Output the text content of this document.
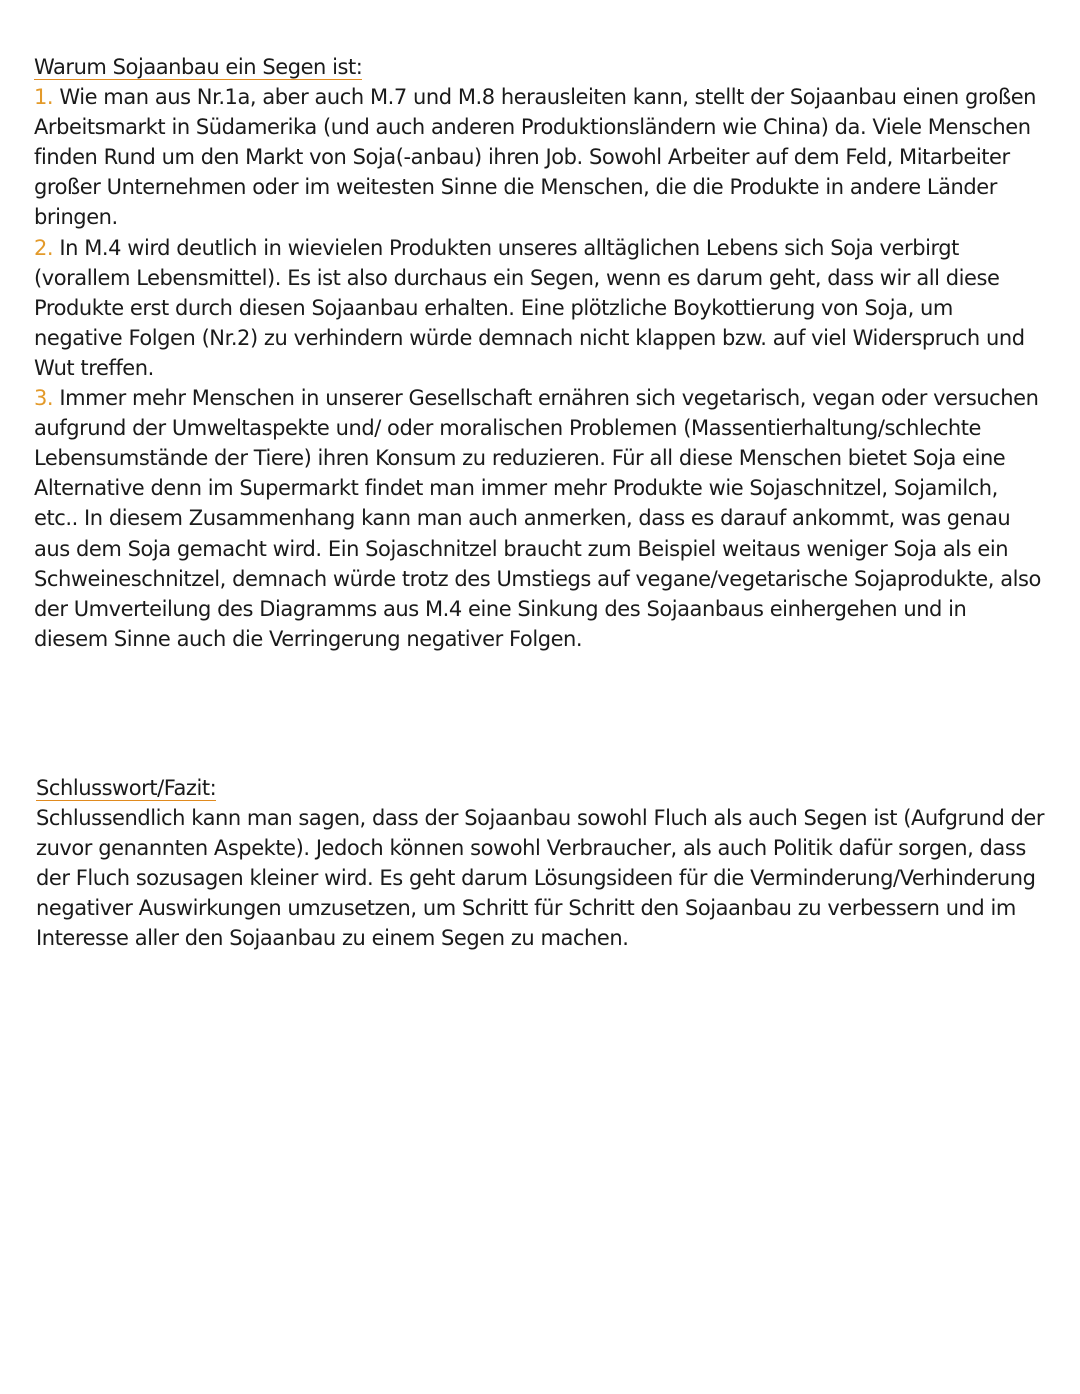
Warum Sojaanbau ein Segen ist:

1. Wie man aus Nr.1a, aber auch M.7 und M.8 herausleiten kann, stellt der Sojaanbau einen großen Arbeitsmarkt in Südamerika (und auch anderen Produktionsländern wie China) da. Viele Menschen finden Rund um den Markt von Soja(-anbau) ihren Job. Sowohl Arbeiter auf dem Feld, Mitarbeiter großer Unternehmen oder im weitesten Sinne die Menschen, die die Produkte in andere Länder bringen.

2. In M.4 wird deutlich in wievielen Produkten unseres alltäglichen Lebens sich Soja verbirgt (vorallem Lebensmittel). Es ist also durchaus ein Segen, wenn es darum geht, dass wir all diese Produkte erst durch diesen Sojaanbau erhalten. Eine plötzliche Boykottierung von Soja, um negative Folgen (Nr.2) zu verhindern würde demnach nicht klappen bzw. auf viel Widerspruch und Wut treffen.

3. Immer mehr Menschen in unserer Gesellschaft ernähren sich vegetarisch, vegan oder versuchen aufgrund der Umweltaspekte und/ oder moralischen Problemen (Massentierhaltung/schlechte Lebensumstände der Tiere) ihren Konsum zu reduzieren. Für all diese Menschen bietet Soja eine Alternative denn im Supermarkt findet man immer mehr Produkte wie Sojaschnitzel, Sojamilch, etc.. In diesem Zusammenhang kann man auch anmerken, dass es darauf ankommt, was genau aus dem Soja gemacht wird. Ein Sojaschnitzel braucht zum Beispiel weitaus weniger Soja als ein Schweineschnitzel, demnach würde trotz des Umstiegs auf vegane/vegetarische Sojaprodukte, also der Umverteilung des Diagramms aus M.4 eine Sinkung des Sojaanbaus einhergehen und in diesem Sinne auch die Verringerung negativer Folgen.

Schlusswort/Fazit:

Schlussendlich kann man sagen, dass der Sojaanbau sowohl Fluch als auch Segen ist (Aufgrund der zuvor genannten Aspekte). Jedoch können sowohl Verbraucher, als auch Politik dafür sorgen, dass der Fluch sozusagen kleiner wird. Es geht darum Lösungsideen für die Verminderung/Verhinderung negativer Auswirkungen umzusetzen, um Schritt für Schritt den Sojaanbau zu verbessern und im Interesse aller den Sojaanbau zu einem Segen zu machen.
